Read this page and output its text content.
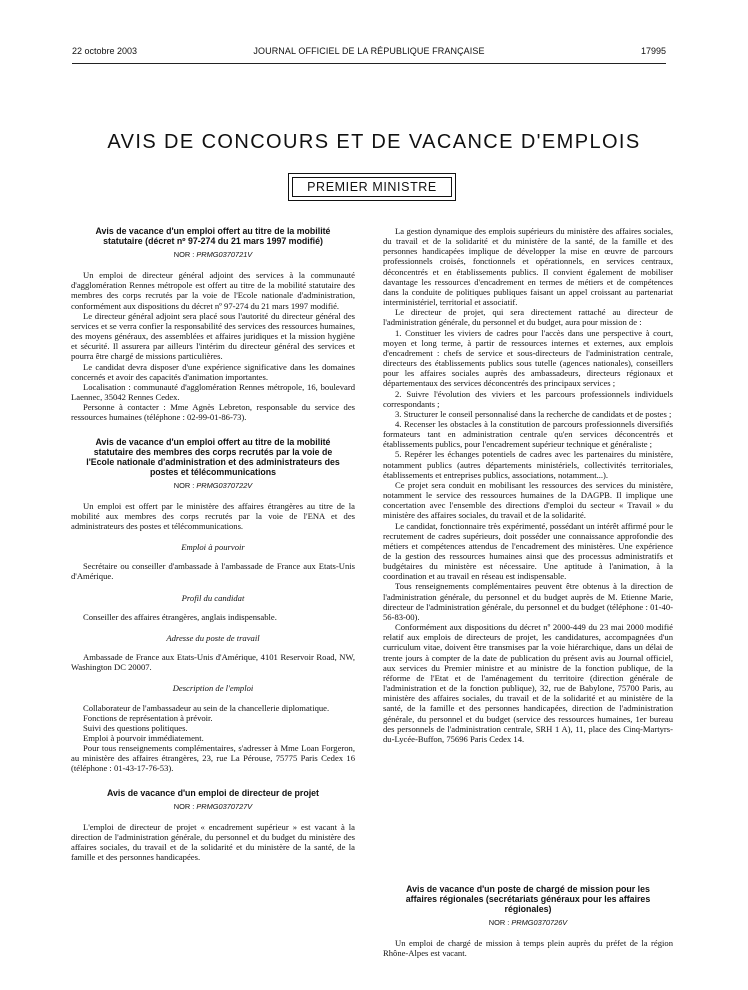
22 octobre 2003	JOURNAL OFFICIEL DE LA RÉPUBLIQUE FRANÇAISE	17995
AVIS DE CONCOURS ET DE VACANCE D'EMPLOIS
PREMIER MINISTRE
Avis de vacance d'un emploi offert au titre de la mobilité statutaire (décret nº 97-274 du 21 mars 1997 modifié)

NOR : PRMG0370721V

Un emploi de directeur général adjoint des services à la communauté d'agglomération Rennes métropole est offert au titre de la mobilité statutaire des membres des corps recrutés par la voie de l'Ecole nationale d'administration, conformément aux dispositions du décret nº 97-274 du 21 mars 1997 modifié.

Le directeur général adjoint sera placé sous l'autorité du directeur général des services et se verra confier la responsabilité des services des ressources humaines, des moyens généraux, des assemblées et affaires juridiques et la mission hygiène et sécurité. Il assurera par ailleurs l'intérim du directeur général des services et pourra être chargé de missions particulières.

Le candidat devra disposer d'une expérience significative dans les domaines concernés et avoir des capacités d'animation importantes.

Localisation : communauté d'agglomération Rennes métropole, 16, boulevard Laennec, 35042 Rennes Cedex.

Personne à contacter : Mme Agnès Lebreton, responsable du service des ressources humaines (téléphone : 02-99-01-86-73).

Avis de vacance d'un emploi offert au titre de la mobilité statutaire des membres des corps recrutés par la voie de l'Ecole nationale d'administration et des administrateurs des postes et télécommunications

NOR : PRMG0370722V

Un emploi est offert par le ministère des affaires étrangères au titre de la mobilité aux membres des corps recrutés par la voie de l'ENA et des administrateurs des postes et télécommunications.

Emploi à pourvoir

Secrétaire ou conseiller d'ambassade à l'ambassade de France aux Etats-Unis d'Amérique.

Profil du candidat

Conseiller des affaires étrangères, anglais indispensable.

Adresse du poste de travail

Ambassade de France aux Etats-Unis d'Amérique, 4101 Reservoir Road, NW, Washington DC 20007.

Description de l'emploi

Collaborateur de l'ambassadeur au sein de la chancellerie diplomatique.

Fonctions de représentation à prévoir.

Suivi des questions politiques.

Emploi à pourvoir immédiatement.

Pour tous renseignements complémentaires, s'adresser à Mme Loan Forgeron, au ministère des affaires étrangères, 23, rue La Pérouse, 75775 Paris Cedex 16 (téléphone : 01-43-17-76-53).

Avis de vacance d'un emploi de directeur de projet

NOR : PRMG0370727V

L'emploi de directeur de projet « encadrement supérieur » est vacant à la direction de l'administration générale, du personnel et du budget du ministère des affaires sociales, du travail et de la solidarité et du ministère de la santé, de la famille et des personnes handicapées.

La gestion dynamique des emplois supérieurs du ministère des affaires sociales, du travail et de la solidarité et du ministère de la santé, de la famille et des personnes handicapées implique de développer la mise en œuvre de parcours professionnels croisés, fonctionnels et opérationnels, en services centraux, déconcentrés et en établissements publics. Il convient également de mobiliser davantage les ressources d'encadrement en termes de métiers et de compétences dans la conduite de politiques publiques faisant un appel croissant au partenariat interministériel, territorial et associatif.

Le directeur de projet, qui sera directement rattaché au directeur de l'administration générale, du personnel et du budget, aura pour mission de :

1. Constituer les viviers de cadres pour l'accès dans une perspective à court, moyen et long terme, à partir de ressources internes et externes, aux emplois d'encadrement : chefs de service et sous-directeurs de l'administration centrale, directeurs des établissements publics sous tutelle (agences nationales), conseillers pour les affaires sociales auprès des ambassadeurs, directeurs régionaux et départementaux des services déconcentrés des principaux services ;

2. Suivre l'évolution des viviers et les parcours professionnels individuels correspondants ;

3. Structurer le conseil personnalisé dans la recherche de candidats et de postes ;

4. Recenser les obstacles à la constitution de parcours professionnels diversifiés formateurs tant en administration centrale qu'en services déconcentrés et établissements publics, pour l'encadrement supérieur technique et généraliste ;

5. Repérer les échanges potentiels de cadres avec les partenaires du ministère, notamment publics (autres départements ministériels, collectivités territoriales, établissements et entreprises publics, associations, notamment...).

Ce projet sera conduit en mobilisant les ressources des services du ministère, notamment le service des ressources humaines de la DAGPB. Il implique une concertation avec l'ensemble des directions d'emploi du secteur « Travail » du ministère des affaires sociales, du travail et de la solidarité.

Le candidat, fonctionnaire très expérimenté, possédant un intérêt affirmé pour le recrutement de cadres supérieurs, doit posséder une connaissance approfondie des métiers et compétences attendus de l'encadrement des ministères. Une expérience de la gestion des ressources humaines ainsi que des processus administratifs et budgétaires du ministère est nécessaire. Une aptitude à l'animation, à la coordination et au travail en réseau est indispensable.

Tous renseignements complémentaires peuvent être obtenus à la direction de l'administration générale, du personnel et du budget auprès de M. Etienne Marie, directeur de l'administration générale, du personnel et du budget (téléphone : 01-40-56-83-00).

Conformément aux dispositions du décret nº 2000-449 du 23 mai 2000 modifié relatif aux emplois de directeurs de projet, les candidatures, accompagnées d'un curriculum vitae, doivent être transmises par la voie hiérarchique, dans un délai de trente jours à compter de la date de publication du présent avis au Journal officiel, aux services du Premier ministre et au ministre de la fonction publique, de la réforme de l'Etat et de l'aménagement du territoire (direction générale de l'administration et de la fonction publique), 32, rue de Babylone, 75700 Paris, au ministère des affaires sociales, du travail et de la solidarité et au ministère de la santé, de la famille et des personnes handicapées, direction de l'administration générale, du personnel et du budget (service des ressources humaines, 1er bureau des personnels de l'administration centrale, SRH 1 A), 11, place des Cinq-Martyrs-du-Lycée-Buffon, 75696 Paris Cedex 14.

Avis de vacance d'un poste de chargé de mission pour les affaires régionales (secrétariats généraux pour les affaires régionales)

NOR : PRMG0370726V

Un emploi de chargé de mission à temps plein auprès du préfet de la région Rhône-Alpes est vacant.
